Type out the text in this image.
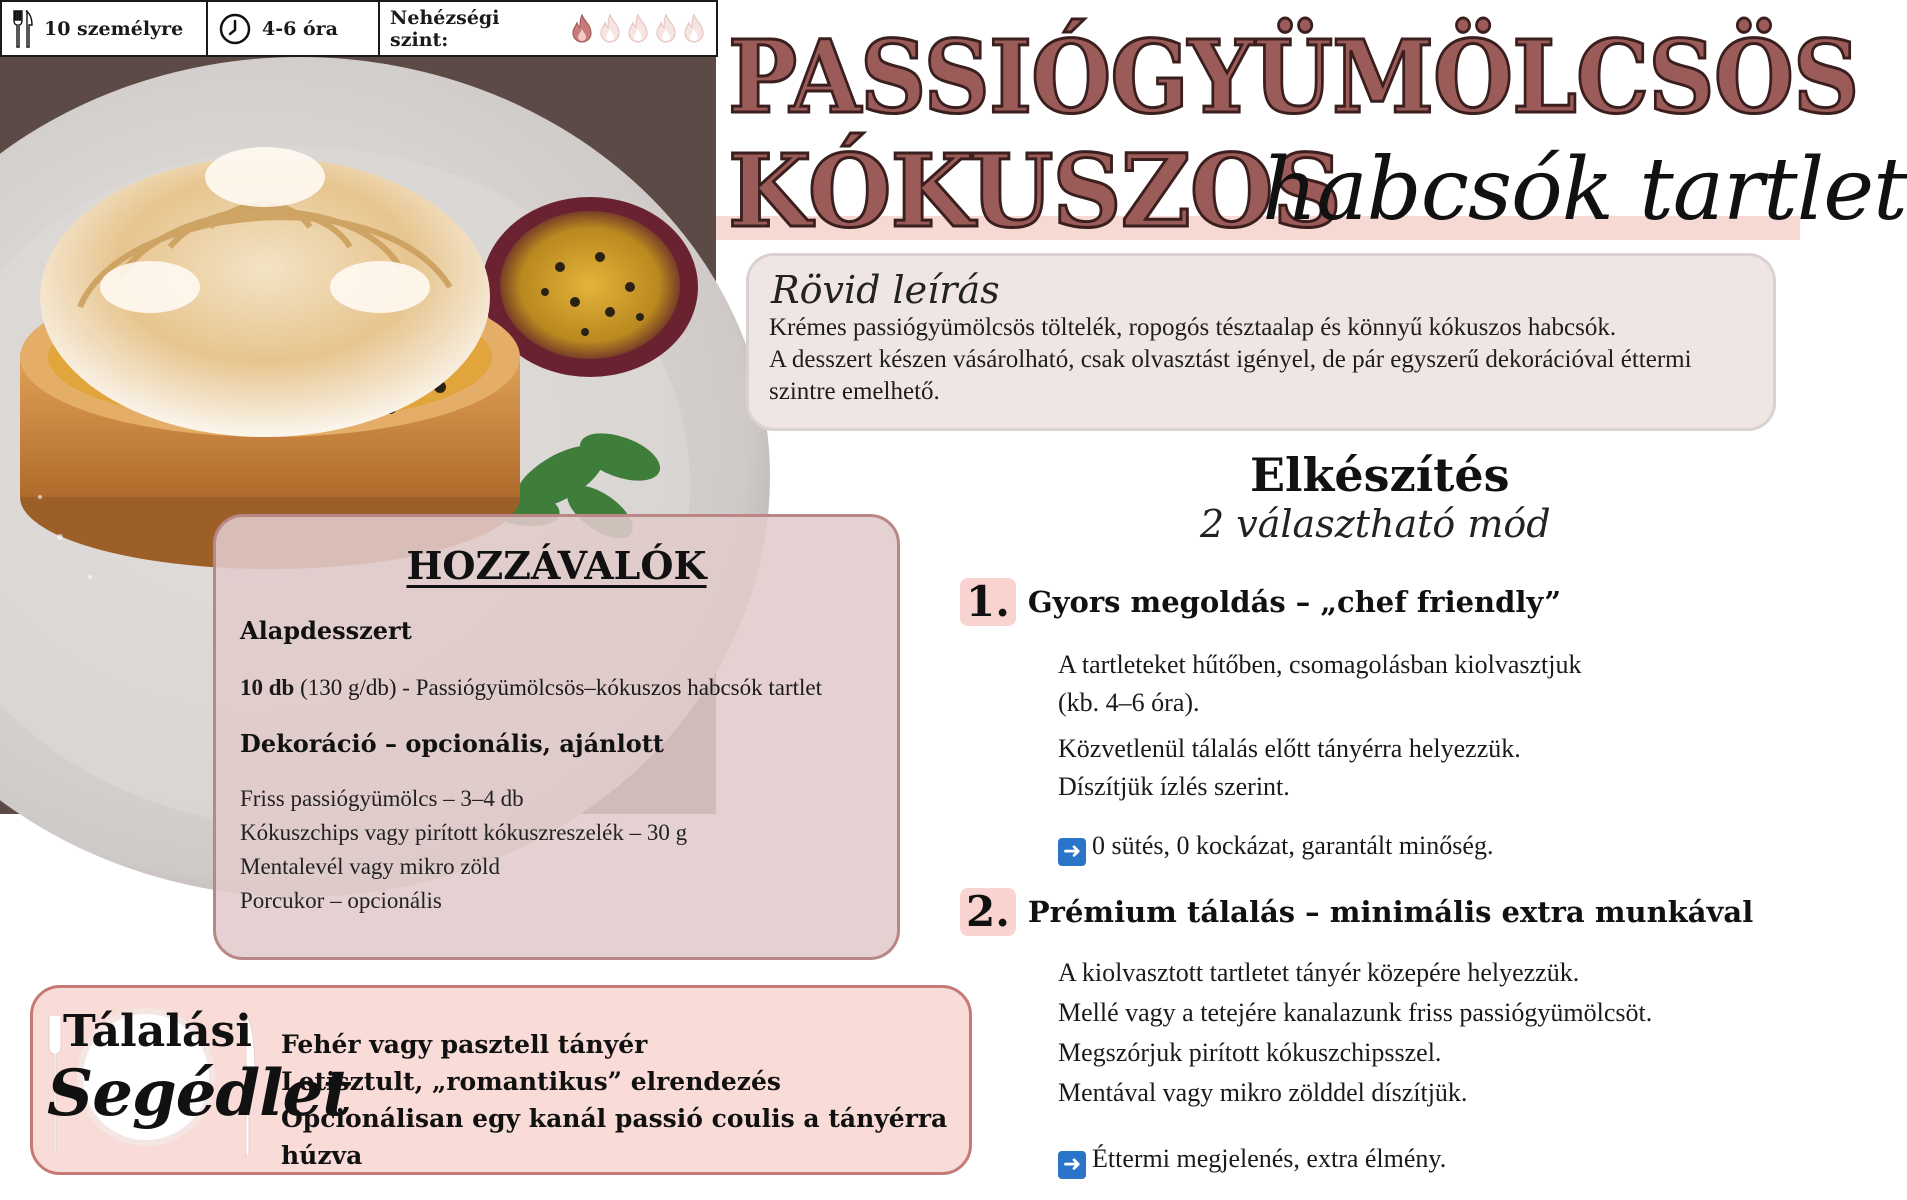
10 személyre	4-6 óra	Nehézségi szint:	PASSIÓGYÜMÖLCSÖS
KÓKUSZOS
habcsók tartlet
Rövid leírás

Krémes passiógyümölcsös töltelék, ropogós tésztaalap és könnyű kókuszos habcsók.

A desszert készen vásárolható, csak olvasztást igényel, de pár egyszerű dekorációval éttermi

szintre emelhető.

HOZZÁVALÓK
Alapdesszert
10 db (130 g/db) - Passiógyümölcsös–kókuszos habcsók tartlet
Dekoráció – opcionális, ajánlott
Friss passiógyümölcs – 3–4 db
Kókuszchips vagy pirított kókuszreszelék – 30 g
Mentalevél vagy mikro zöld
Porcukor – opcionális
Tálalási
Segédlet
Fehér vagy pasztell tányér
Letisztult, „romantikus” elrendezés
Opcionálisan egy kanál passió coulis a tányérra húzva
Elkészítés
2 választható mód
1. Gyors megoldás – „chef friendly”
A tartleteket hűtőben, csomagolásban kiolvasztjuk
(kb. 4–6 óra).
Közvetlenül tálalás előtt tányérra helyezzük.
Díszítjük ízlés szerint.
➜ 0 sütés, 0 kockázat, garantált minőség.
2. Prémium tálalás – minimális extra munkával
A kiolvasztott tartletet tányér közepére helyezzük.
Mellé vagy a tetejére kanalazunk friss passiógyümölcsöt.
Megszórjuk pirított kókuszchipsszel.
Mentával vagy mikro zölddel díszítjük.
➜ Éttermi megjelenés, extra élmény.
